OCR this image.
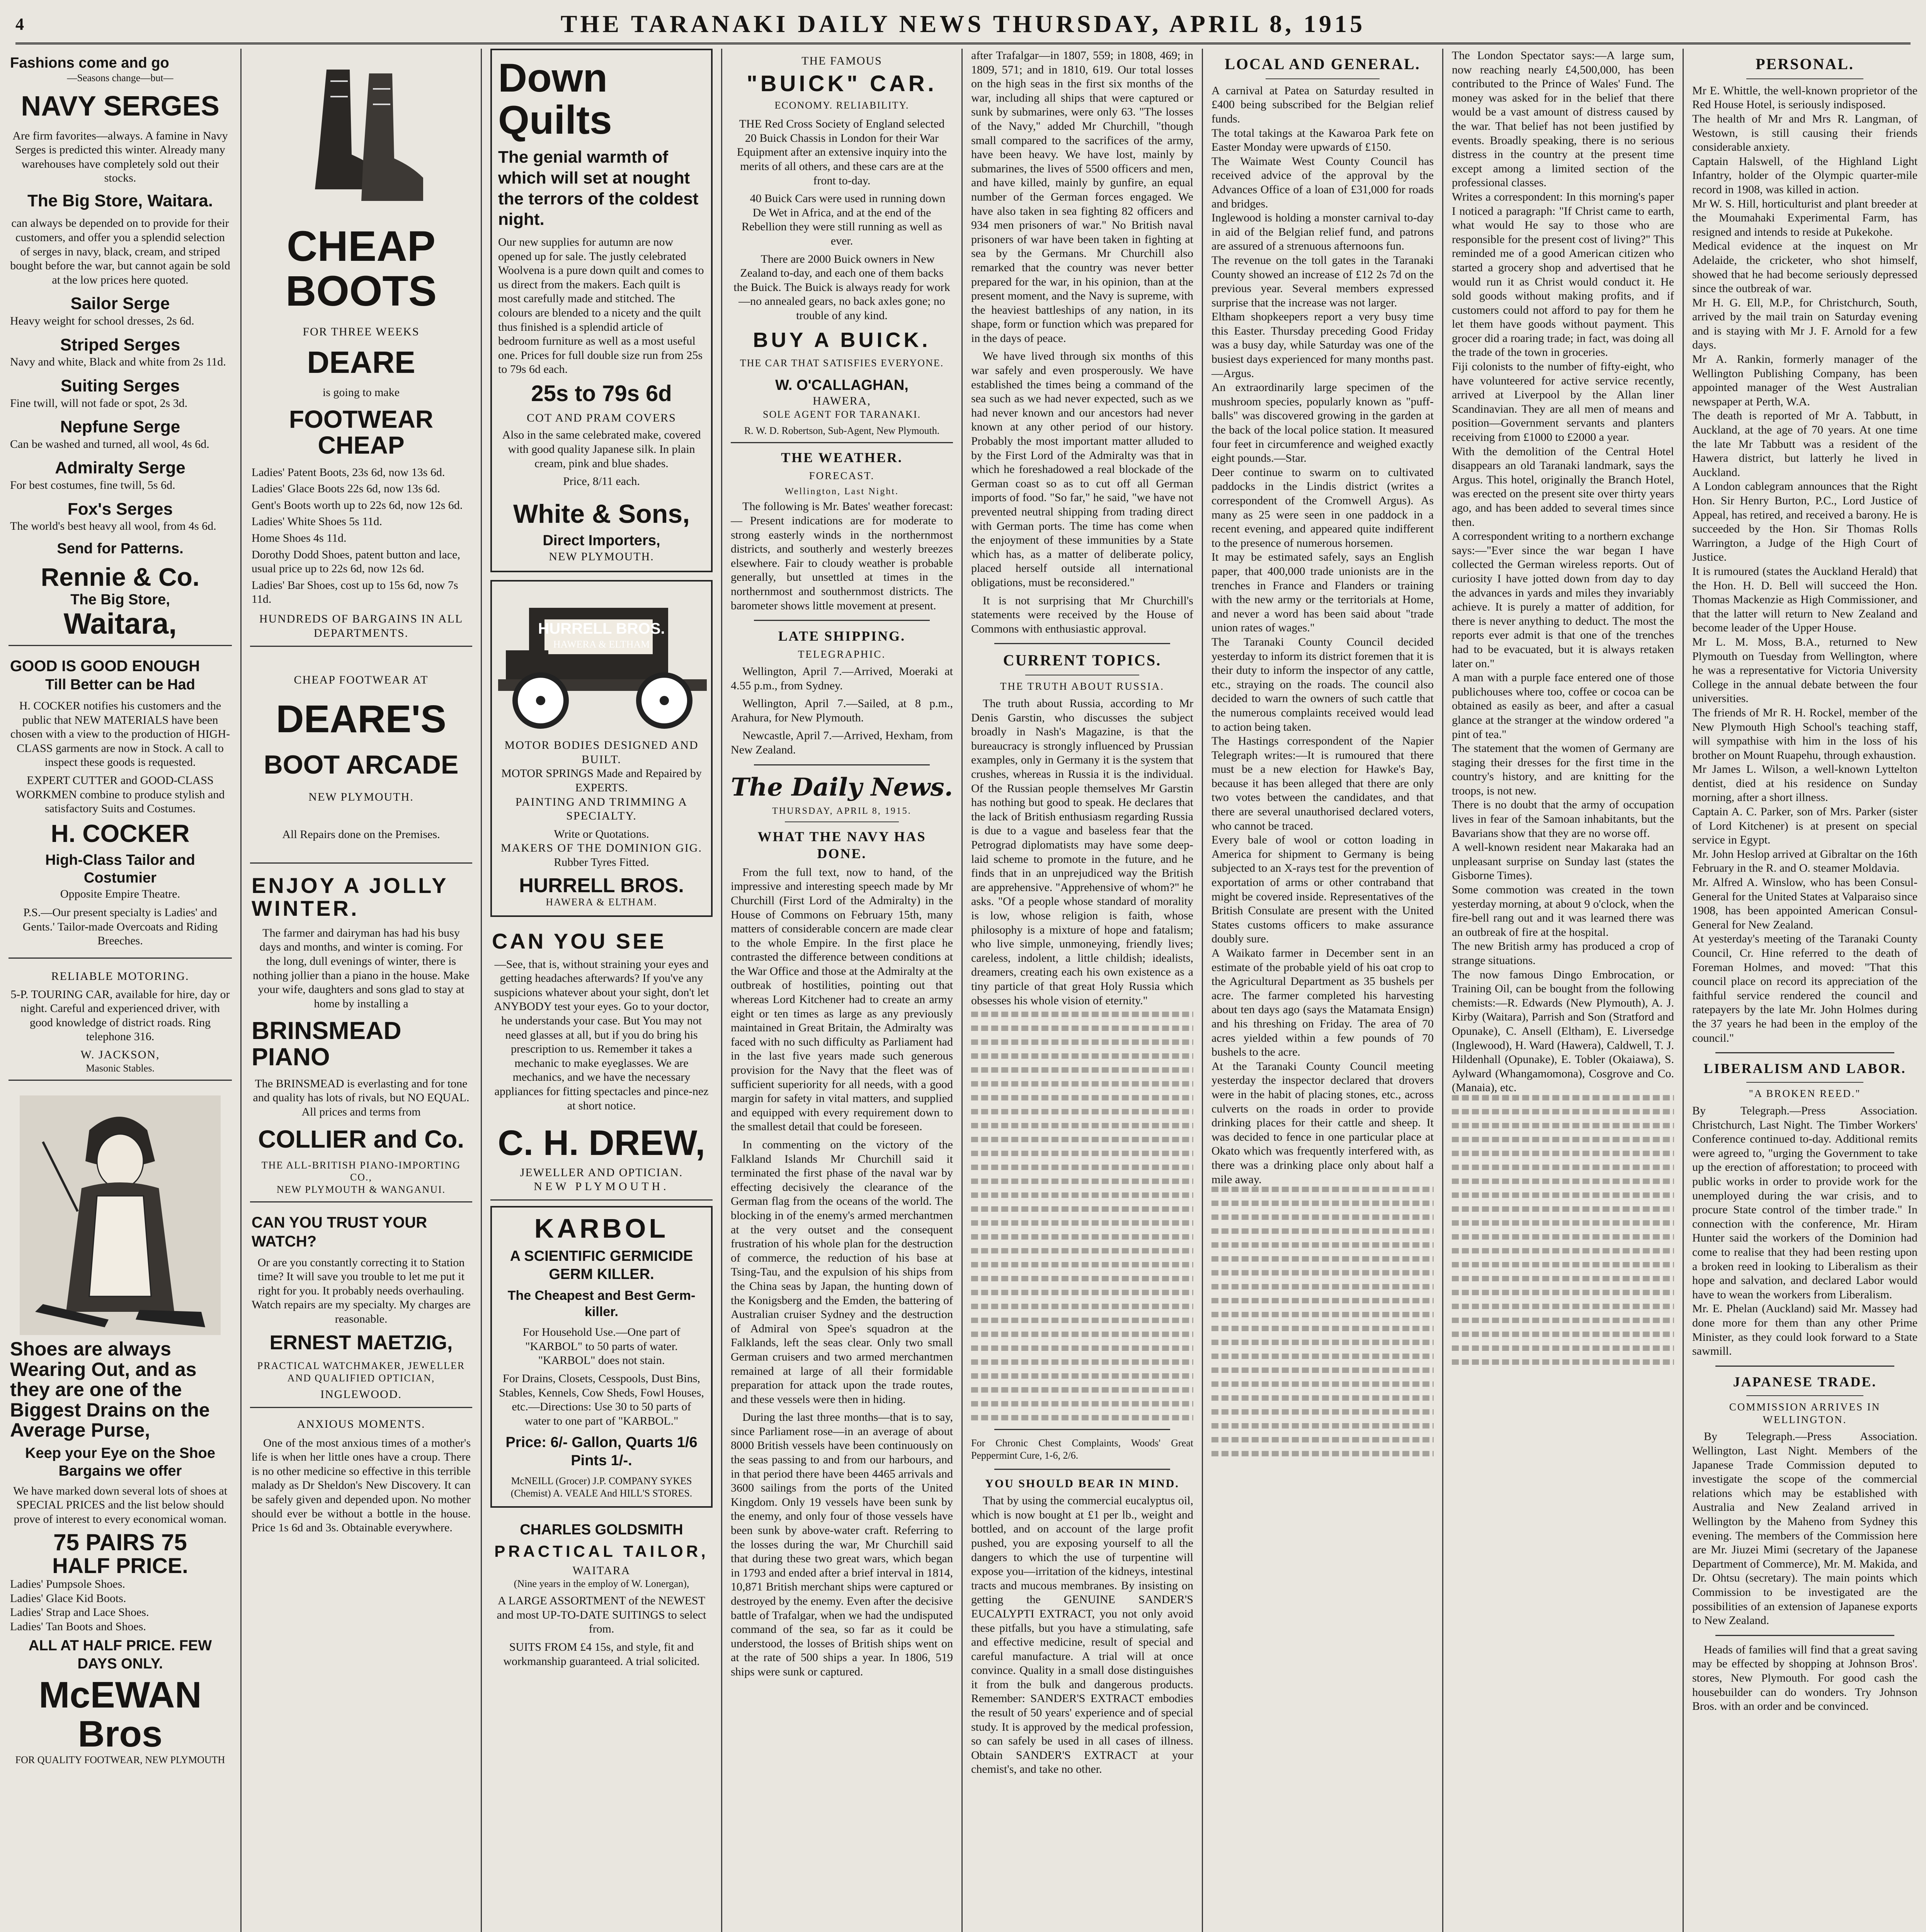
4	THE TARANAKI DAILY NEWS THURSDAY, APRIL 8, 1915
Fashions come and go
—Seasons change—but—
NAVY SERGES

Are firm favorites—always. A famine in Navy Serges is predicted this winter. Already many warehouses have completely sold out their stocks.

The Big Store, Waitara.

can always be depended on to provide for their customers, and offer you a splendid selection of serges in navy, black, cream, and striped bought before the war, but cannot again be sold at the low prices here quoted.

Sailor Serge
Heavy weight for school dresses, 2s 6d.
Striped Serges
Navy and white, Black and white from 2s 11d.
Suiting Serges
Fine twill, will not fade or spot, 2s 3d.
Nepfune Serge
Can be washed and turned, all wool, 4s 6d.
Admiralty Serge
For best costumes, fine twill, 5s 6d.
Fox's Serges
The world's best heavy all wool, from 4s 6d.
Send for Patterns.
Rennie & Co.
The Big Store,
Waitara,
GOOD IS GOOD ENOUGH
Till Better can be Had

H. COCKER notifies his customers and the public that NEW MATERIALS have been chosen with a view to the production of HIGH-CLASS garments are now in Stock. A call to inspect these goods is requested.

EXPERT CUTTER and GOOD-CLASS WORKMEN combine to produce stylish and satisfactory Suits and Costumes.

H. COCKER
High-Class Tailor and Costumier
Opposite Empire Theatre.

P.S.—Our present specialty is Ladies' and Gents.' Tailor-made Overcoats and Riding Breeches.

RELIABLE MOTORING.

5-P. TOURING CAR, available for hire, day or night. Careful and experienced driver, with good knowledge of district roads. Ring telephone 316.

W. JACKSON,
Masonic Stables.
Shoes are always Wearing Out, and as they are one of the Biggest Drains on the Average Purse,
Keep your Eye on the Shoe Bargains we offer

We have marked down several lots of shoes at SPECIAL PRICES and the list below should prove of interest to every economical woman.

75 PAIRS 75
HALF PRICE.
Ladies' Pumpsole Shoes.
Ladies' Glace Kid Boots.
Ladies' Strap and Lace Shoes.
Ladies' Tan Boots and Shoes.
ALL AT HALF PRICE. FEW DAYS ONLY.
McEWAN Bros
FOR QUALITY FOOTWEAR, NEW PLYMOUTH
CHEAP BOOTS
FOR THREE WEEKS
DEARE
is going to make
FOOTWEAR CHEAP
Ladies' Patent Boots, 23s 6d, now 13s 6d.
Ladies' Glace Boots 22s 6d, now 13s 6d.
Gent's Boots worth up to 22s 6d, now 12s 6d.
Ladies' White Shoes 5s 11d.
Home Shoes 4s 11d.
Dorothy Dodd Shoes, patent button and lace, usual price up to 22s 6d, now 12s 6d.
Ladies' Bar Shoes, cost up to 15s 6d, now 7s 11d.
HUNDREDS OF BARGAINS IN ALL DEPARTMENTS.
CHEAP FOOTWEAR AT
DEARE'S
BOOT ARCADE
NEW PLYMOUTH.
All Repairs done on the Premises.
ENJOY A JOLLY WINTER.

The farmer and dairyman has had his busy days and months, and winter is coming. For the long, dull evenings of winter, there is nothing jollier than a piano in the house. Make your wife, daughters and sons glad to stay at home by installing a

BRINSMEAD PIANO

The BRINSMEAD is everlasting and for tone and quality has lots of rivals, but NO EQUAL. All prices and terms from

COLLIER and Co.
THE ALL-BRITISH PIANO-IMPORTING CO.,
NEW PLYMOUTH & WANGANUI.
CAN YOU TRUST YOUR WATCH?

Or are you constantly correcting it to Station time? It will save you trouble to let me put it right for you. It probably needs overhauling. Watch repairs are my specialty. My charges are reasonable.

ERNEST MAETZIG,
PRACTICAL WATCHMAKER, JEWELLER AND QUALIFIED OPTICIAN,
INGLEWOOD.
ANXIOUS MOMENTS.

One of the most anxious times of a mother's life is when her little ones have a croup. There is no other medicine so effective in this terrible malady as Dr Sheldon's New Discovery. It can be safely given and depended upon. No mother should ever be without a bottle in the house. Price 1s 6d and 3s. Obtainable everywhere.

Down Quilts
The genial warmth of which will set at nought the terrors of the coldest night.

Our new supplies for autumn are now opened up for sale. The justly celebrated Woolvena is a pure down quilt and comes to us direct from the makers. Each quilt is most carefully made and stitched. The colours are blended to a nicety and the quilt thus finished is a splendid article of bedroom furniture as well as a most useful one. Prices for full double size run from 25s to 79s 6d each.

25s to 79s 6d
COT AND PRAM COVERS

Also in the same celebrated make, covered with good quality Japanese silk. In plain cream, pink and blue shades.

Price, 8/11 each.
White & Sons,
Direct Importers,
NEW PLYMOUTH.
HURRELL BROS.
HAWERA & ELTHAM
MOTOR BODIES DESIGNED AND BUILT.
MOTOR SPRINGS Made and Repaired by EXPERTS.
PAINTING AND TRIMMING A SPECIALTY.
Write or Quotations.
MAKERS OF THE DOMINION GIG.
Rubber Tyres Fitted.
HURRELL BROS.
HAWERA & ELTHAM.
CAN YOU SEE

—See, that is, without straining your eyes and getting headaches afterwards? If you've any suspicions whatever about your sight, don't let ANYBODY test your eyes. Go to your doctor, he understands your case. But You may not need glasses at all, but if you do bring his prescription to us. Remember it takes a mechanic to make eyeglasses. We are mechanics, and we have the necessary appliances for fitting spectacles and pince-nez at short notice.

C. H. DREW,
JEWELLER AND OPTICIAN.
NEW PLYMOUTH.
KARBOL
A SCIENTIFIC GERMICIDE GERM KILLER.
The Cheapest and Best Germ-killer.

For Household Use.—One part of "KARBOL" to 50 parts of water. "KARBOL" does not stain.

For Drains, Closets, Cesspools, Dust Bins, Stables, Kennels, Cow Sheds, Fowl Houses, etc.—Directions: Use 30 to 50 parts of water to one part of "KARBOL."

Price: 6/- Gallon, Quarts 1/6 Pints 1/-.
McNEILL (Grocer) J.P. COMPANY SYKES (Chemist) A. VEALE And HILL'S STORES.
CHARLES GOLDSMITH
PRACTICAL TAILOR,
WAITARA
(Nine years in the employ of W. Lonergan),

A LARGE ASSORTMENT of the NEWEST and most UP-TO-DATE SUITINGS to select from.

SUITS FROM £4 15s, and style, fit and workmanship guaranteed. A trial solicited.

THE FAMOUS
"BUICK" CAR.
ECONOMY. RELIABILITY.

THE Red Cross Society of England selected 20 Buick Chassis in London for their War Equipment after an extensive inquiry into the merits of all others, and these cars are at the front to-day.

40 Buick Cars were used in running down De Wet in Africa, and at the end of the Rebellion they were still running as well as ever.

There are 2000 Buick owners in New Zealand to-day, and each one of them backs the Buick. The Buick is always ready for work—no annealed gears, no back axles gone; no trouble of any kind.

BUY A BUICK.
THE CAR THAT SATISFIES EVERYONE.
W. O'CALLAGHAN,
HAWERA,
SOLE AGENT FOR TARANAKI.
R. W. D. Robertson, Sub-Agent, New Plymouth.
THE WEATHER.
FORECAST.
Wellington, Last Night.

The following is Mr. Bates' weather forecast:— Present indications are for moderate to strong easterly winds in the northernmost districts, and southerly and westerly breezes elsewhere. Fair to cloudy weather is probable generally, but unsettled at times in the northernmost and southernmost districts. The barometer shows little movement at present.

LATE SHIPPING.
TELEGRAPHIC.

Wellington, April 7.—Arrived, Moeraki at 4.55 p.m., from Sydney.

Wellington, April 7.—Sailed, at 8 p.m., Arahura, for New Plymouth.

Newcastle, April 7.—Arrived, Hexham, from New Zealand.

The Daily News.
THURSDAY, APRIL 8, 1915.
WHAT THE NAVY HAS DONE.

From the full text, now to hand, of the impressive and interesting speech made by Mr Churchill (First Lord of the Admiralty) in the House of Commons on February 15th, many matters of considerable concern are made clear to the whole Empire. In the first place he contrasted the difference between conditions at the War Office and those at the Admiralty at the outbreak of hostilities, pointing out that whereas Lord Kitchener had to create an army eight or ten times as large as any previously maintained in Great Britain, the Admiralty was faced with no such difficulty as Parliament had in the last five years made such generous provision for the Navy that the fleet was of sufficient superiority for all needs, with a good margin for safety in vital matters, and supplied and equipped with every requirement down to the smallest detail that could be foreseen.

In commenting on the victory of the Falkland Islands Mr Churchill said it terminated the first phase of the naval war by effecting decisively the clearance of the German flag from the oceans of the world. The blocking in of the enemy's armed merchantmen at the very outset and the consequent frustration of his whole plan for the destruction of commerce, the reduction of his base at Tsing-Tau, and the expulsion of his ships from the China seas by Japan, the hunting down of the Konigsberg and the Emden, the battering of Australian cruiser Sydney and the destruction of Admiral von Spee's squadron at the Falklands, left the seas clear. Only two small German cruisers and two armed merchantmen remained at large of all their formidable preparation for attack upon the trade routes, and these vessels were then in hiding.

During the last three months—that is to say, since Parliament rose—in an average of about 8000 British vessels have been continuously on the seas passing to and from our harbours, and in that period there have been 4465 arrivals and 3600 sailings from the ports of the United Kingdom. Only 19 vessels have been sunk by the enemy, and only four of those vessels have been sunk by above-water craft. Referring to the losses during the war, Mr Churchill said that during these two great wars, which began in 1793 and ended after a brief interval in 1814, 10,871 British merchant ships were captured or destroyed by the enemy. Even after the decisive battle of Trafalgar, when we had the undisputed command of the sea, so far as it could be understood, the losses of British ships went on at the rate of 500 ships a year. In 1806, 519 ships were sunk or captured.

after Trafalgar—in 1807, 559; in 1808, 469; in 1809, 571; and in 1810, 619. Our total losses on the high seas in the first six months of the war, including all ships that were captured or sunk by submarines, were only 63. "The losses of the Navy," added Mr Churchill, "though small compared to the sacrifices of the army, have been heavy. We have lost, mainly by submarines, the lives of 5500 officers and men, and have killed, mainly by gunfire, an equal number of the German forces engaged. We have also taken in sea fighting 82 officers and 934 men prisoners of war." No British naval prisoners of war have been taken in fighting at sea by the Germans. Mr Churchill also remarked that the country was never better prepared for the war, in his opinion, than at the present moment, and the Navy is supreme, with the heaviest battleships of any nation, in its shape, form or function which was prepared for in the days of peace.

We have lived through six months of this war safely and even prosperously. We have established the times being a command of the sea such as we had never expected, such as we had never known and our ancestors had never known at any other period of our history. Probably the most important matter alluded to by the First Lord of the Admiralty was that in which he foreshadowed a real blockade of the German coast so as to cut off all German imports of food. "So far," he said, "we have not prevented neutral shipping from trading direct with German ports. The time has come when the enjoyment of these immunities by a State which has, as a matter of deliberate policy, placed herself outside all international obligations, must be reconsidered."

It is not surprising that Mr Churchill's statements were received by the House of Commons with enthusiastic approval.

CURRENT TOPICS.
THE TRUTH ABOUT RUSSIA.

The truth about Russia, according to Mr Denis Garstin, who discusses the subject broadly in Nash's Magazine, is that the bureaucracy is strongly influenced by Prussian examples, only in Germany it is the system that crushes, whereas in Russia it is the individual. Of the Russian people themselves Mr Garstin has nothing but good to speak. He declares that the lack of British enthusiasm regarding Russia is due to a vague and baseless fear that the Petrograd diplomatists may have some deep-laid scheme to promote in the future, and he finds that in an unprejudiced way the British are apprehensive. "Apprehensive of whom?" he asks. "Of a people whose standard of morality is low, whose religion is faith, whose philosophy is a mixture of hope and fatalism; who live simple, unmoneying, friendly lives; careless, indolent, a little childish; idealists, dreamers, creating each his own existence as a tiny particle of that great Holy Russia which obsesses his whole vision of eternity."

For Chronic Chest Complaints, Woods' Great Peppermint Cure, 1-6, 2/6.

YOU SHOULD BEAR IN MIND.

That by using the commercial eucalyptus oil, which is now bought at £1 per lb., weight and bottled, and on account of the large profit pushed, you are exposing yourself to all the dangers to which the use of turpentine will expose you—irritation of the kidneys, intestinal tracts and mucous membranes. By insisting on getting the GENUINE SANDER'S EUCALYPTI EXTRACT, you not only avoid these pitfalls, but you have a stimulating, safe and effective medicine, result of special and careful manufacture. A trial will at once convince. Quality in a small dose distinguishes it from the bulk and dangerous products. Remember: SANDER'S EXTRACT embodies the result of 50 years' experience and of special study. It is approved by the medical profession, so can safely be used in all cases of illness. Obtain SANDER'S EXTRACT at your chemist's, and take no other.

LOCAL AND GENERAL.
A carnival at Patea on Saturday resulted in £400 being subscribed for the Belgian relief funds.
The total takings at the Kawaroa Park fete on Easter Monday were upwards of £150.
The Waimate West County Council has received advice of the approval by the Advances Office of a loan of £31,000 for roads and bridges.
Inglewood is holding a monster carnival to-day in aid of the Belgian relief fund, and patrons are assured of a strenuous afternoons fun.
The revenue on the toll gates in the Taranaki County showed an increase of £12 2s 7d on the previous year. Several members expressed surprise that the increase was not larger.
Eltham shopkeepers report a very busy time this Easter. Thursday preceding Good Friday was a busy day, while Saturday was one of the busiest days experienced for many months past.—Argus.
An extraordinarily large specimen of the mushroom species, popularly known as "puff-balls" was discovered growing in the garden at the back of the local police station. It measured four feet in circumference and weighed exactly eight pounds.—Star.
Deer continue to swarm on to cultivated paddocks in the Lindis district (writes a correspondent of the Cromwell Argus). As many as 25 were seen in one paddock in a recent evening, and appeared quite indifferent to the presence of numerous horsemen.
It may be estimated safely, says an English paper, that 400,000 trade unionists are in the trenches in France and Flanders or training with the new army or the territorials at Home, and never a word has been said about "trade union rates of wages."
The Taranaki County Council decided yesterday to inform its district foremen that it is their duty to inform the inspector of any cattle, etc., straying on the roads. The council also decided to warn the owners of such cattle that the numerous complaints received would lead to action being taken.
The Hastings correspondent of the Napier Telegraph writes:—It is rumoured that there must be a new election for Hawke's Bay, because it has been alleged that there are only two votes between the candidates, and that there are several unauthorised declared voters, who cannot be traced.
Every bale of wool or cotton loading in America for shipment to Germany is being subjected to an X-rays test for the prevention of exportation of arms or other contraband that might be covered inside. Representatives of the British Consulate are present with the United States customs officers to make assurance doubly sure.
A Waikato farmer in December sent in an estimate of the probable yield of his oat crop to the Agricultural Department as 35 bushels per acre. The farmer completed his harvesting about ten days ago (says the Matamata Ensign) and his threshing on Friday. The area of 70 acres yielded within a few pounds of 70 bushels to the acre.
At the Taranaki County Council meeting yesterday the inspector declared that drovers were in the habit of placing stones, etc., across culverts on the roads in order to provide drinking places for their cattle and sheep. It was decided to fence in one particular place at Okato which was frequently interfered with, as there was a drinking place only about half a mile away.
The London Spectator says:—A large sum, now reaching nearly £4,500,000, has been contributed to the Prince of Wales' Fund. The money was asked for in the belief that there would be a vast amount of distress caused by the war. That belief has not been justified by events. Broadly speaking, there is no serious distress in the country at the present time except among a limited section of the professional classes.
Writes a correspondent: In this morning's paper I noticed a paragraph: "If Christ came to earth, what would He say to those who are responsible for the present cost of living?" This reminded me of a good American citizen who started a grocery shop and advertised that he would run it as Christ would conduct it. He sold goods without making profits, and if customers could not afford to pay for them he let them have goods without payment. This grocer did a roaring trade; in fact, was doing all the trade of the town in groceries.
Fiji colonists to the number of fifty-eight, who have volunteered for active service recently, arrived at Liverpool by the Allan liner Scandinavian. They are all men of means and position—Government servants and planters receiving from £1000 to £2000 a year.
With the demolition of the Central Hotel disappears an old Taranaki landmark, says the Argus. This hotel, originally the Branch Hotel, was erected on the present site over thirty years ago, and has been added to several times since then.
A correspondent writing to a northern exchange says:—"Ever since the war began I have collected the German wireless reports. Out of curiosity I have jotted down from day to day the advances in yards and miles they invariably achieve. It is purely a matter of addition, for there is never anything to deduct. The most the reports ever admit is that one of the trenches had to be evacuated, but it is always retaken later on."
A man with a purple face entered one of those publichouses where too, coffee or cocoa can be obtained as easily as beer, and after a casual glance at the stranger at the window ordered "a pint of tea."
The statement that the women of Germany are staging their dresses for the first time in the country's history, and are knitting for the troops, is not new.
There is no doubt that the army of occupation lives in fear of the Samoan inhabitants, but the Bavarians show that they are no worse off.
A well-known resident near Makaraka had an unpleasant surprise on Sunday last (states the Gisborne Times).
Some commotion was created in the town yesterday morning, at about 9 o'clock, when the fire-bell rang out and it was learned there was an outbreak of fire at the hospital.
The new British army has produced a crop of strange situations.
The now famous Dingo Embrocation, or Training Oil, can be bought from the following chemists:—R. Edwards (New Plymouth), A. J. Kirby (Waitara), Parrish and Son (Stratford and Opunake), C. Ansell (Eltham), E. Liversedge (Inglewood), H. Ward (Hawera), Caldwell, T. J. Hildenhall (Opunake), E. Tobler (Okaiawa), S. Aylward (Whangamomona), Cosgrove and Co. (Manaia), etc.
PERSONAL.
Mr E. Whittle, the well-known proprietor of the Red House Hotel, is seriously indisposed.
The health of Mr and Mrs R. Langman, of Westown, is still causing their friends considerable anxiety.
Captain Halswell, of the Highland Light Infantry, holder of the Olympic quarter-mile record in 1908, was killed in action.
Mr W. S. Hill, horticulturist and plant breeder at the Moumahaki Experimental Farm, has resigned and intends to reside at Pukekohe.
Medical evidence at the inquest on Mr Adelaide, the cricketer, who shot himself, showed that he had become seriously depressed since the outbreak of war.
Mr H. G. Ell, M.P., for Christchurch, South, arrived by the mail train on Saturday evening and is staying with Mr J. F. Arnold for a few days.
Mr A. Rankin, formerly manager of the Wellington Publishing Company, has been appointed manager of the West Australian newspaper at Perth, W.A.
The death is reported of Mr A. Tabbutt, in Auckland, at the age of 70 years. At one time the late Mr Tabbutt was a resident of the Hawera district, but latterly he lived in Auckland.
A London cablegram announces that the Right Hon. Sir Henry Burton, P.C., Lord Justice of Appeal, has retired, and received a barony. He is succeeded by the Hon. Sir Thomas Rolls Warrington, a Judge of the High Court of Justice.
It is rumoured (states the Auckland Herald) that the Hon. H. D. Bell will succeed the Hon. Thomas Mackenzie as High Commissioner, and that the latter will return to New Zealand and become leader of the Upper House.
Mr L. M. Moss, B.A., returned to New Plymouth on Tuesday from Wellington, where he was a representative for Victoria University College in the annual debate between the four universities.
The friends of Mr R. H. Rockel, member of the New Plymouth High School's teaching staff, will sympathise with him in the loss of his brother on Mount Ruapehu, through exhaustion.
Mr James L. Wilson, a well-known Lyttelton dentist, died at his residence on Sunday morning, after a short illness.
Captain A. C. Parker, son of Mrs. Parker (sister of Lord Kitchener) is at present on special service in Egypt.
Mr. John Heslop arrived at Gibraltar on the 16th February in the R. and O. steamer Moldavia.
Mr. Alfred A. Winslow, who has been Consul-General for the United States at Valparaiso since 1908, has been appointed American Consul-General for New Zealand.
At yesterday's meeting of the Taranaki County Council, Cr. Hine referred to the death of Foreman Holmes, and moved: "That this council place on record its appreciation of the faithful service rendered the council and ratepayers by the late Mr. John Holmes during the 37 years he had been in the employ of the council."
LIBERALISM AND LABOR.
"A BROKEN REED."
By Telegraph.—Press Association. Christchurch, Last Night. The Timber Workers' Conference continued to-day. Additional remits were agreed to, "urging the Government to take up the erection of afforestation; to proceed with public works in order to provide work for the unemployed during the war crisis, and to procure State control of the timber trade." In connection with the conference, Mr. Hiram Hunter said the workers of the Dominion had come to realise that they had been resting upon a broken reed in looking to Liberalism as their hope and salvation, and declared Labor would have to wean the workers from Liberalism.
Mr. E. Phelan (Auckland) said Mr. Massey had done more for them than any other Prime Minister, as they could look forward to a State sawmill.
JAPANESE TRADE.
COMMISSION ARRIVES IN WELLINGTON.

By Telegraph.—Press Association. Wellington, Last Night. Members of the Japanese Trade Commission deputed to investigate the scope of the commercial relations which may be established with Australia and New Zealand arrived in Wellington by the Maheno from Sydney this evening. The members of the Commission here are Mr. Jiuzei Mimi (secretary of the Japanese Department of Commerce), Mr. M. Makida, and Dr. Ohtsu (secretary). The main points which Commission to be investigated are the possibilities of an extension of Japanese exports to New Zealand.

Heads of families will find that a great saving may be effected by shopping at Johnson Bros'. stores, New Plymouth. For good cash the housebuilder can do wonders. Try Johnson Bros. with an order and be convinced.
